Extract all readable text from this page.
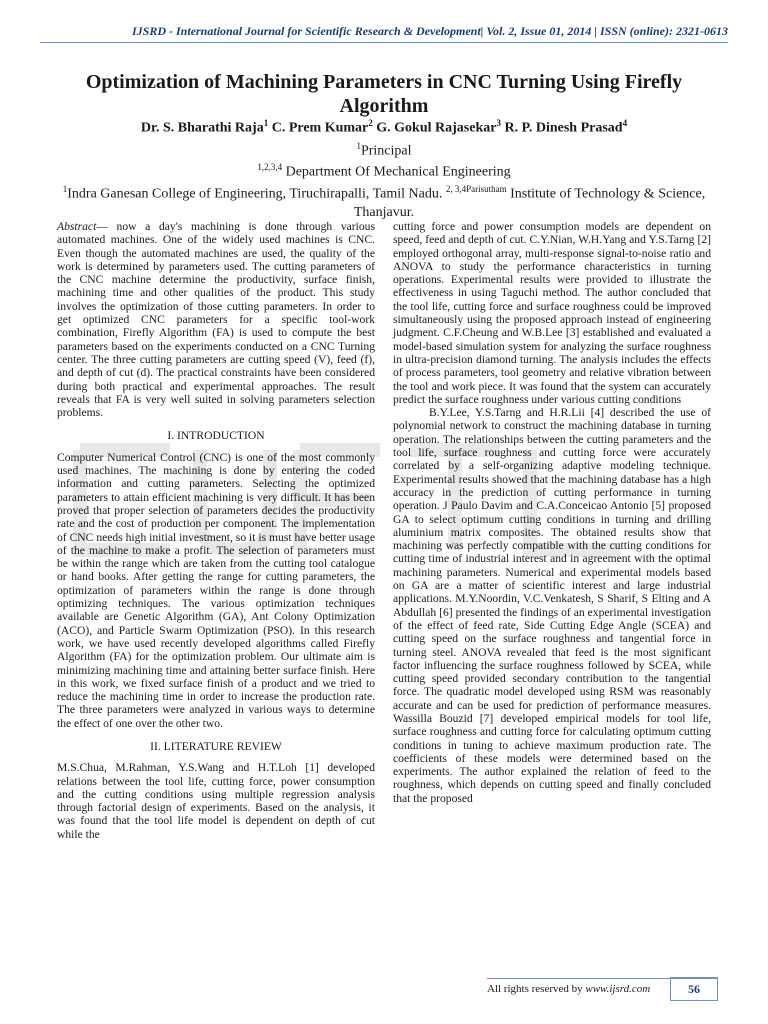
IJSRD - International Journal for Scientific Research & Development| Vol. 2, Issue 01, 2014 | ISSN (online): 2321-0613
Optimization of Machining Parameters in CNC Turning Using Firefly Algorithm
Dr. S. Bharathi Raja$^1$ C. Prem Kumar$^2$ G. Gokul Rajasekar$^3$ R. P. Dinesh Prasad$^4$
$^1$Principal
$^{1,2,3,4}$ Department Of Mechanical Engineering
$^1$Indra Ganesan College of Engineering, Tiruchirapalli, Tamil Nadu. $^{2, 3,4Parisutham}$ Institute of Technology & Science, Thanjavur.

Abstract— now a day's machining is done through various automated machines. One of the widely used machines is CNC. Even though the automated machines are used, the quality of the work is determined by parameters used. The cutting parameters of the CNC machine determine the productivity, surface finish, machining time and other qualities of the product. This study involves the optimization of those cutting parameters. In order to get optimized CNC parameters for a specific tool-work combination, Firefly Algorithm (FA) is used to compute the best parameters based on the experiments conducted on a CNC Turning center. The three cutting parameters are cutting speed (V), feed (f), and depth of cut (d). The practical constraints have been considered during both practical and experimental approaches. The result reveals that FA is very well suited in solving parameters selection problems.

I. INTRODUCTION

Computer Numerical Control (CNC) is one of the most commonly used machines. The machining is done by entering the coded information and cutting parameters. Selecting the optimized parameters to attain efficient machining is very difficult. It has been proved that proper selection of parameters decides the productivity rate and the cost of production per component. The implementation of CNC needs high initial investment, so it is must have better usage of the machine to make a profit. The selection of parameters must be within the range which are taken from the cutting tool catalogue or hand books. After getting the range for cutting parameters, the optimization of parameters within the range is done through optimizing techniques. The various optimization techniques available are Genetic Algorithm (GA), Ant Colony Optimization (ACO), and Particle Swarm Optimization (PSO). In this research work, we have used recently developed algorithms called Firefly Algorithm (FA) for the optimization problem. Our ultimate aim is minimizing machining time and attaining better surface finish. Here in this work, we fixed surface finish of a product and we tried to reduce the machining time in order to increase the production rate. The three parameters were analyzed in various ways to determine the effect of one over the other two.

II. LITERATURE REVIEW

M.S.Chua, M.Rahman, Y.S.Wang and H.T.Loh [1] developed relations between the tool life, cutting force, power consumption and the cutting conditions using multiple regression analysis through factorial design of experiments. Based on the analysis, it was found that the tool life model is dependent on depth of cut while the

cutting force and power consumption models are dependent on speed, feed and depth of cut. C.Y.Nian, W.H.Yang and Y.S.Tarng [2] employed orthogonal array, multi-response signal-to-noise ratio and ANOVA to study the performance characteristics in turning operations. Experimental results were provided to illustrate the effectiveness in using Taguchi method. The author concluded that the tool life, cutting force and surface roughness could be improved simultaneously using the proposed approach instead of engineering judgment. C.F.Cheung and W.B.Lee [3] established and evaluated a model-based simulation system for analyzing the surface roughness in ultra-precision diamond turning. The analysis includes the effects of process parameters, tool geometry and relative vibration between the tool and work piece. It was found that the system can accurately predict the surface roughness under various cutting conditions

B.Y.Lee, Y.S.Tarng and H.R.Lii [4] described the use of polynomial network to construct the machining database in turning operation. The relationships between the cutting parameters and the tool life, surface roughness and cutting force were accurately correlated by a self-organizing adaptive modeling technique. Experimental results showed that the machining database has a high accuracy in the prediction of cutting performance in turning operation. J Paulo Davim and C.A.Conceicao Antonio [5] proposed GA to select optimum cutting conditions in turning and drilling aluminium matrix composites. The obtained results show that machining was perfectly compatible with the cutting conditions for cutting time of industrial interest and in agreement with the optimal machining parameters. Numerical and experimental models based on GA are a matter of scientific interest and large industrial applications. M.Y.Noordin, V.C.Venkatesh, S Sharif, S Elting and A Abdullah [6] presented the findings of an experimental investigation of the effect of feed rate, Side Cutting Edge Angle (SCEA) and cutting speed on the surface roughness and tangential force in turning steel. ANOVA revealed that feed is the most significant factor influencing the surface roughness followed by SCEA, while cutting speed provided secondary contribution to the tangential force. The quadratic model developed using RSM was reasonably accurate and can be used for prediction of performance measures. Wassilla Bouzid [7] developed empirical models for tool life, surface roughness and cutting force for calculating optimum cutting conditions in tuning to achieve maximum production rate. The coefficients of these models were determined based on the experiments. The author explained the relation of feed to the roughness, which depends on cutting speed and finally concluded that the proposed

All rights reserved by www.ijsrd.com	56
